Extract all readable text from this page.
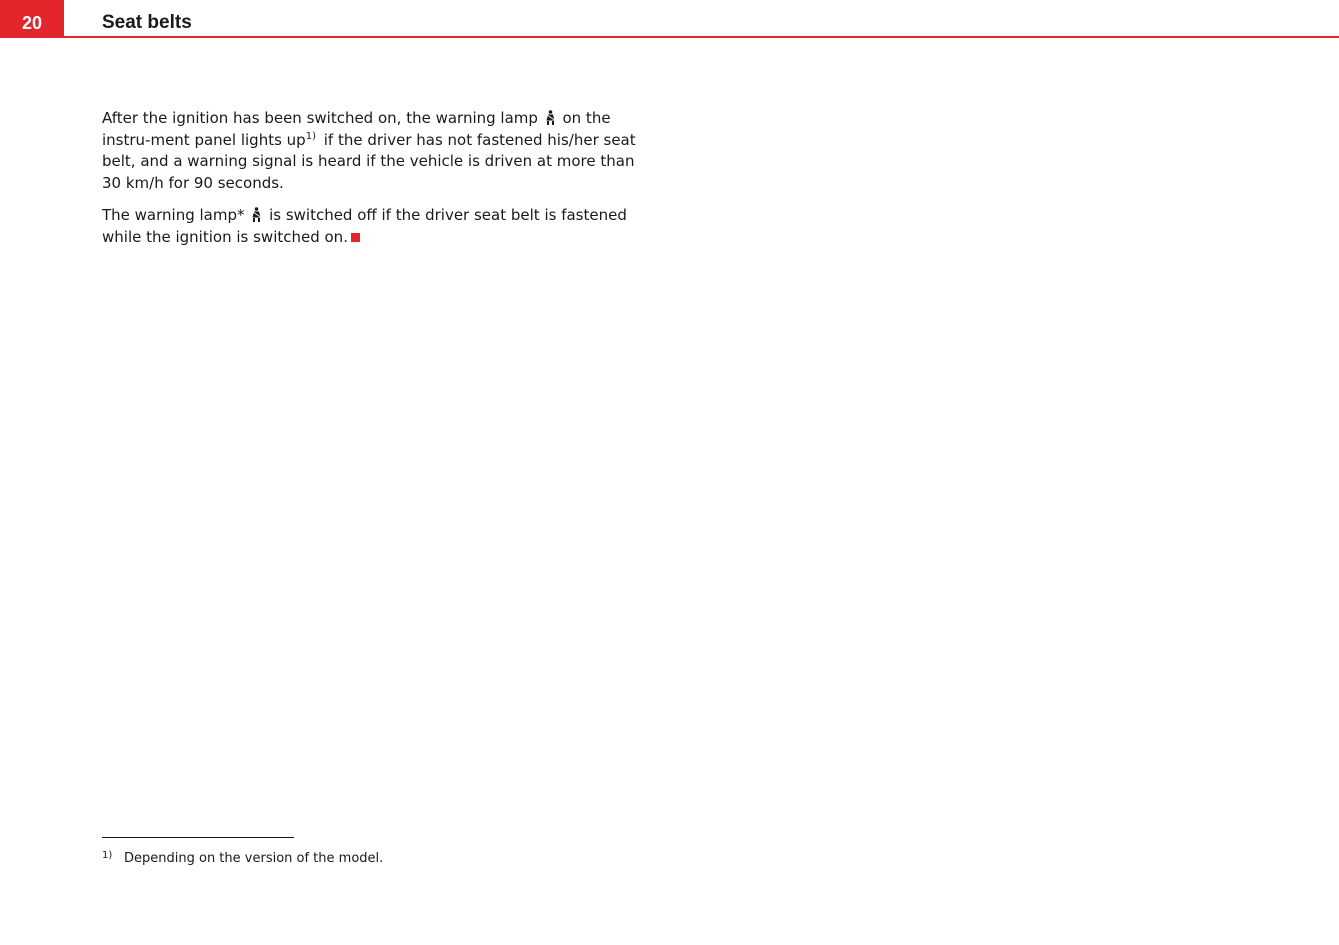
20	Seat belts

After the ignition has been switched on, the warning lamp on the instru-ment panel lights up$^{1)}$ if the driver has not fastened his/her seat belt, and a warning signal is heard if the vehicle is driven at more than 30 km/h for 90 seconds.

The warning lamp* is switched off if the driver seat belt is fastened while the ignition is switched on.

1) Depending on the version of the model.
